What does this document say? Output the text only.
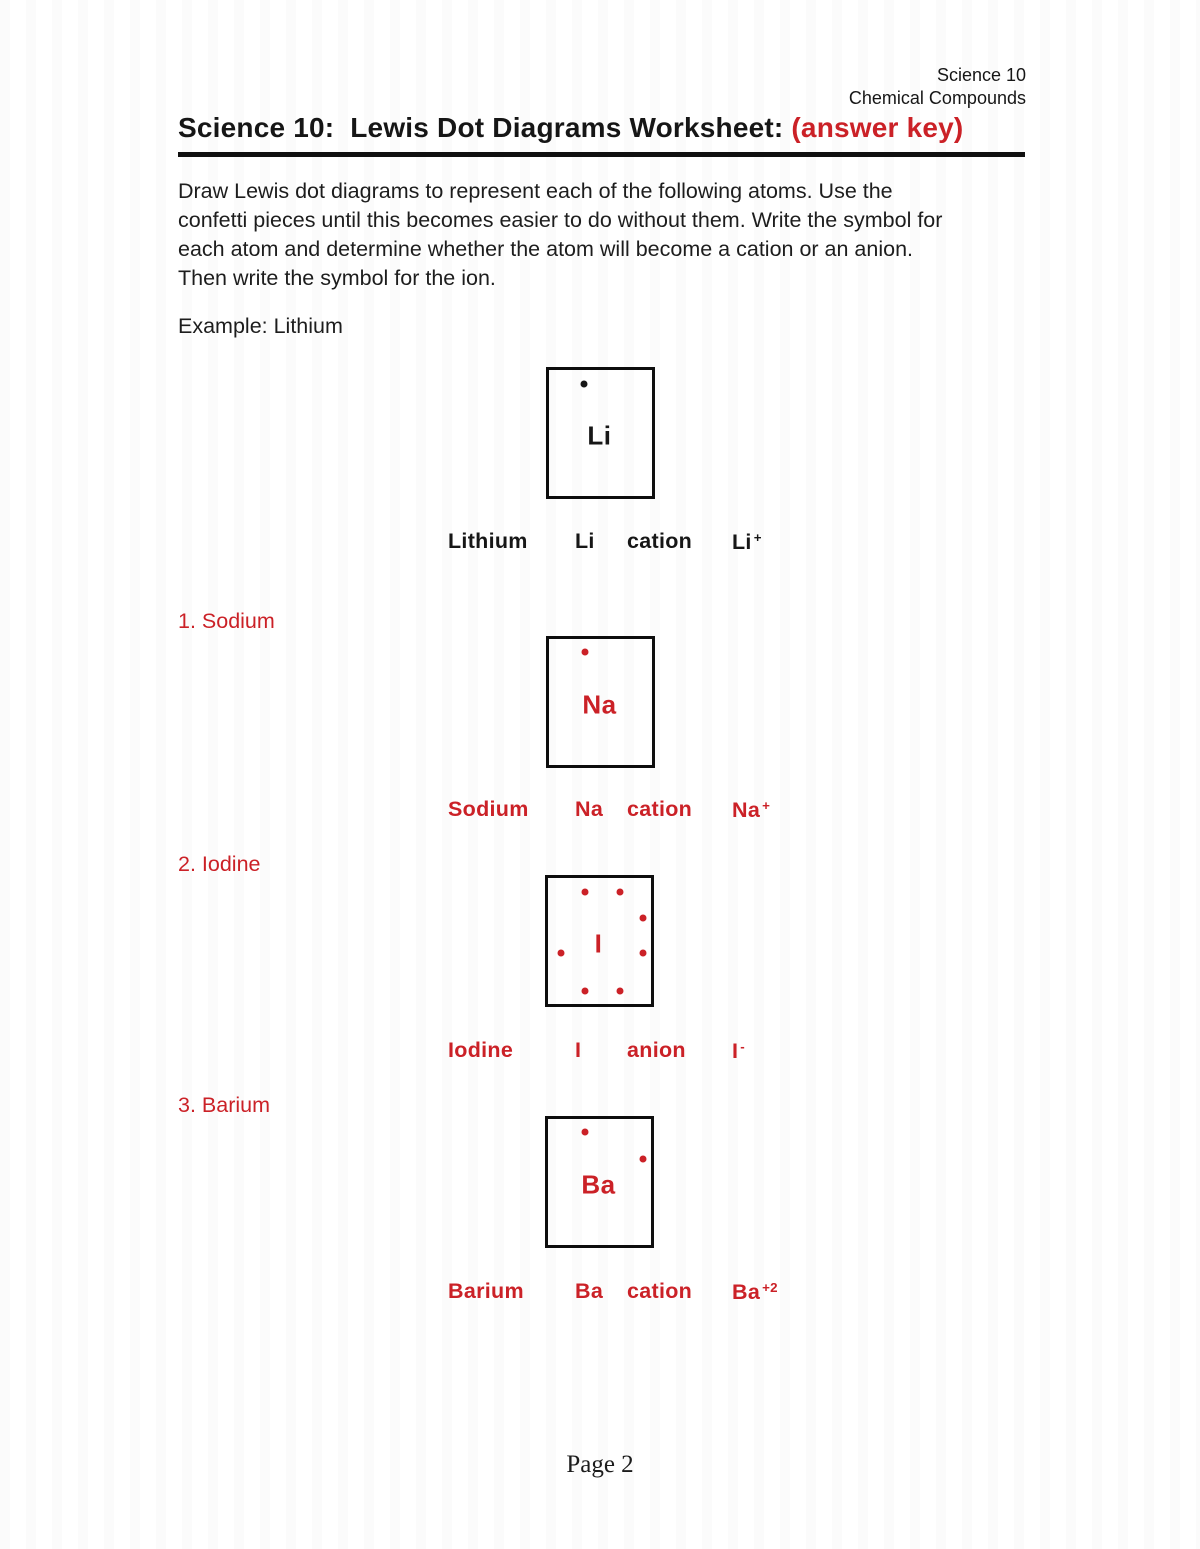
Science 10
Chemical Compounds
Science 10:  Lewis Dot Diagrams Worksheet: (answer key)
Draw Lewis dot diagrams to represent each of the following atoms. Use the
confetti pieces until this becomes easier to do without them. Write the symbol for
each atom and determine whether the atom will become a cation or an anion.
Then write the symbol for the ion.
Example: Lithium
Li
Lithium	Li	cation	Li +
1. Sodium
Na
Sodium	Na	cation	Na +
2. Iodine
I
Iodine	I	anion	I -
3. Barium
Ba
Barium	Ba	cation	Ba $^{+2}$
Page 2
